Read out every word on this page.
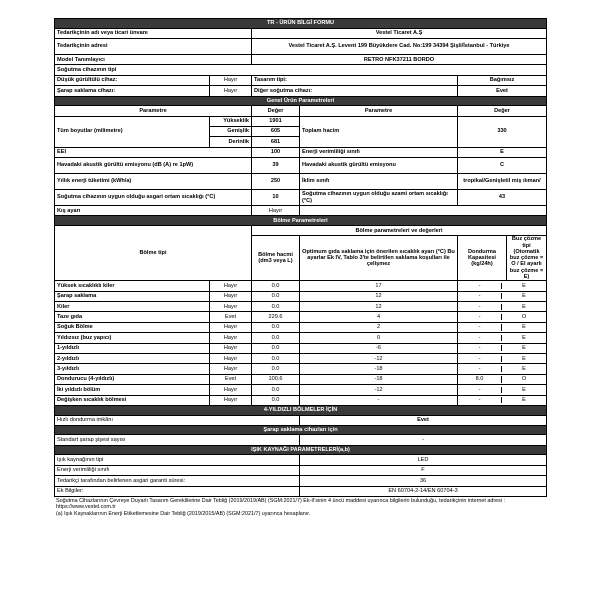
TR - ÜRÜN BİLGİ FORMU
Tedarikçinin adı veya ticari ünvanı	Vestel Ticaret A.Ş
Tedarikçinin adresi	Vestel Ticaret A.Ş. Levent 199 Büyükdere Cad. No:199 34394 Şişli/İstanbul - Türkiye
Model Tanımlayıcı	RETRO NFK37211 BORDO
Soğutma cihazının tipi
Düşük gürültülü cihaz:	Hayır	Tasarım tipi:	Bağımsız
Şarap saklama cihazı:	Hayır	Diğer soğutma cihazı:	Evet
Genel Ürün Parametreleri
Parametre	Değer	Parametre	Değer
Tüm boyutlar (milimetre)	Yükseklik	1901	Toplam hacim	330
Genişlik	605
Derinlik	681
EEI	100	Enerji verimliliği sınıfı	E
Havadaki akustik gürültü emisyonu (dB (A) re 1pW)	39	Havadaki akustik gürültü emisyonu	C
Yıllık enerji tüketimi (kWh/a)	250	İklim sınıfı	tropikal/Genişletil miş ılıman/
Soğutma cihazının uygun olduğu asgari ortam sıcaklığı (°C)	10	Soğutma cihazının uygun olduğu azami ortam sıcaklığı (°C)	43
Kış ayarı	Hayır	
Bölme Parametreleri
Bölme tipi	Bölme parametreleri ve değerleri
Bölme hacmi (dm3 veya L)	Optimum gıda saklama için önerilen sıcaklık ayarı (°C) Bu ayarlar Ek IV, Tablo 3'te belirtilen saklama koşulları ile çelişmez	
Dondurma Kapasitesi (kg/24h)	Buz çözme tipi (Otomatik buz çözme = O / El ayarlı buz çözme = E)

Yüksek sıcaklıklı kiler	Hayır	0.0	17	-	E
Şarap saklama	Hayır	0.0	12	-	E
Kiler	Hayır	0.0	12	-	E
Taze gıda	Evet	229.6	4	-	O
Soğuk Bölme	Hayır	0.0	2	-	E
Yıldızsız (buz yapıcı)	Hayır	0.0	0	-	E
1-yıldızlı	Hayır	0.0	-6	-	E
2-yıldızlı	Hayır	0.0	-12	-	E
3-yıldızlı	Hayır	0.0	-18	-	E
Dondurucu (4-yıldızlı)	Evet	100.6	-18	8.0	O
İki yıldızlı bölüm	Hayır	0.0	-12	-	E
Değişken sıcaklık bölmesi	Hayır	0.0	-	-	E
4-YILDIZLI BÖLMELER İÇİN
Hızlı dondurma imkânı	Evet
Şarap saklama cihazları için
Standart şarap şişesi sayısı	-
IŞIK KAYNAĞI PARAMETRELERİ(a,b)
Işık kaynağının tipi	LED
Enerji verimliliği sınıfı	F
Tedarikçi tarafından belirlenen asgari garanti süresi:	36
Ek Bilgiler:	EN 60704-2-14/EN 60704-3
Soğutma Cihazlarının Çevreye Duyarlı Tasarım Gereklilerine Dair Tebliğ (2019/2019/AB) (SGM:2021/7) Ek-II'sinin 4 üncü maddesi uyarınca bilgilerin bulunduğu, tedarikçinin internet adresi : https://www.vestel.com.tr
(a) Işık Kaynaklarının Enerji Etiketlemesine Dair Tebliğ (2019/2015/AB) (SGM:2021/7) uyarınca hesaplanır.
